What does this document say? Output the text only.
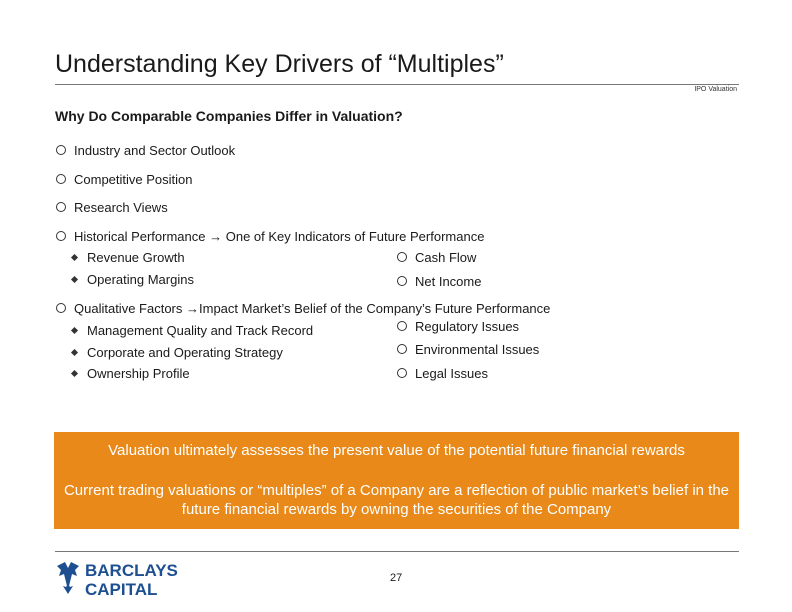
Understanding Key Drivers of “Multiples”
IPO Valuation
Why Do Comparable Companies Differ in Valuation?
Industry and Sector Outlook
Competitive Position
Research Views
Historical Performance → One of Key Indicators of Future Performance
Revenue Growth	Cash Flow
Operating Margins	Net Income
Qualitative Factors →Impact Market’s Belief of the Company’s Future Performance
Management Quality and Track Record	Regulatory Issues
Corporate and Operating Strategy	Environmental Issues
Ownership Profile	Legal Issues
Valuation ultimately assesses the present value of the potential future financial rewards
Current trading valuations or “multiples” of a Company are a reflection of public market’s belief in the future financial rewards by owning the securities of the Company
BARCLAYS
CAPITAL
27
